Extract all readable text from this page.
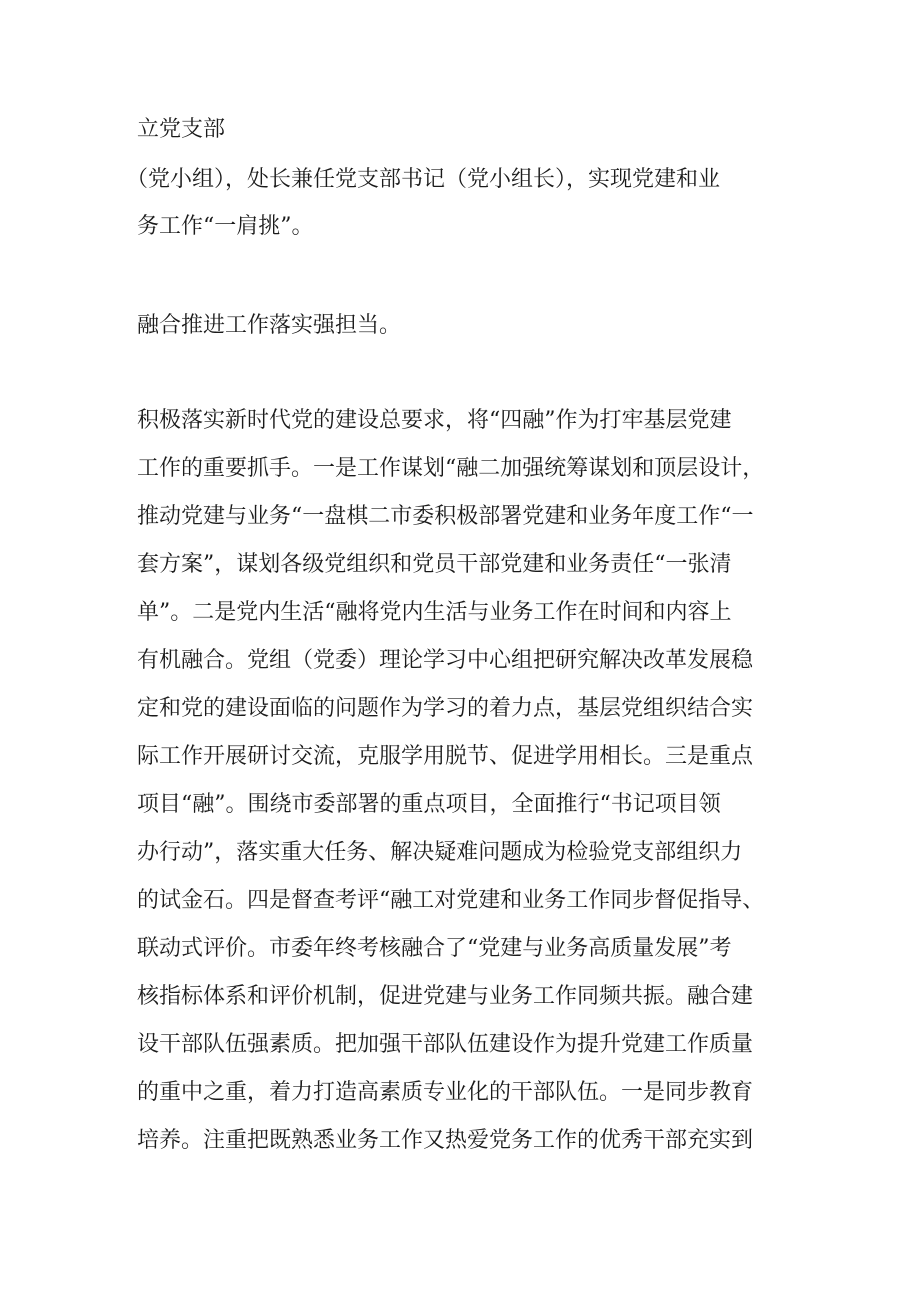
立党支部

（党小组），处长兼任党支部书记（党小组长），实现党建和业

务工作“一肩挑”。

融合推进工作落实强担当。

积极落实新时代党的建设总要求，将“四融”作为打牢基层党建

工作的重要抓手。一是工作谋划“融二加强统筹谋划和顶层设计，

推动党建与业务“一盘棋二市委积极部署党建和业务年度工作“一

套方案”，谋划各级党组织和党员干部党建和业务责任“一张清

单”。二是党内生活“融将党内生活与业务工作在时间和内容上

有机融合。党组（党委）理论学习中心组把研究解决改革发展稳

定和党的建设面临的问题作为学习的着力点，基层党组织结合实

际工作开展研讨交流，克服学用脱节、促进学用相长。三是重点

项目“融”。围绕市委部署的重点项目，全面推行“书记项目领

办行动”，落实重大任务、解决疑难问题成为检验党支部组织力

的试金石。四是督查考评“融工对党建和业务工作同步督促指导、

联动式评价。市委年终考核融合了“党建与业务高质量发展”考

核指标体系和评价机制，促进党建与业务工作同频共振。融合建

设干部队伍强素质。把加强干部队伍建设作为提升党建工作质量

的重中之重，着力打造高素质专业化的干部队伍。一是同步教育

培养。注重把既熟悉业务工作又热爱党务工作的优秀干部充实到
